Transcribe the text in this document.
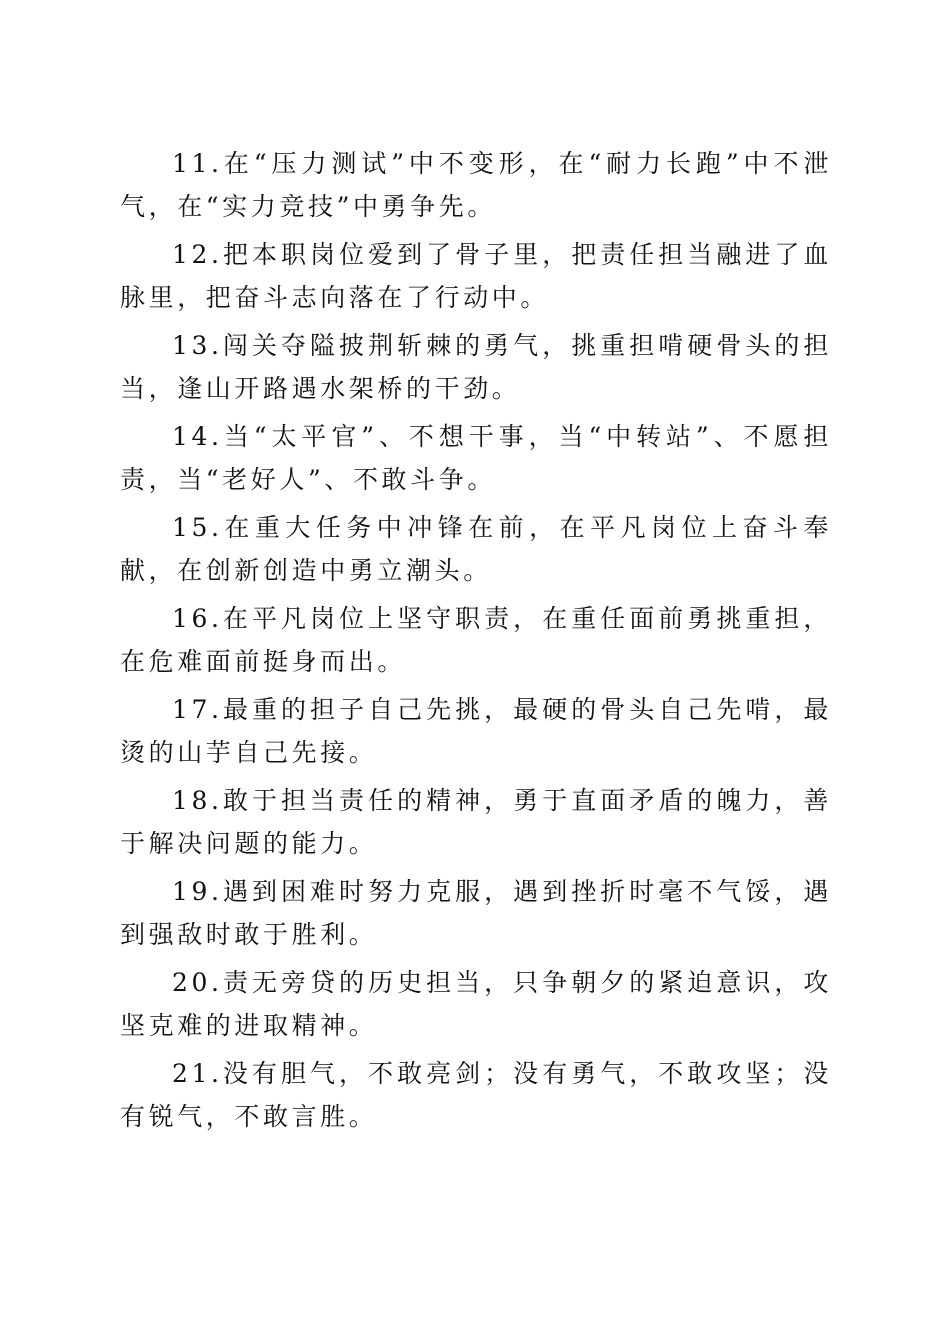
11.在“压力测试”中不变形，在“耐力长跑”中不泄气，在“实力竞技”中勇争先。

12.把本职岗位爱到了骨子里，把责任担当融进了血脉里，把奋斗志向落在了行动中。

13.闯关夺隘披荆斩棘的勇气，挑重担啃硬骨头的担当，逢山开路遇水架桥的干劲。

14.当“太平官”、不想干事，当“中转站”、不愿担责，当“老好人”、不敢斗争。

15.在重大任务中冲锋在前，在平凡岗位上奋斗奉献，在创新创造中勇立潮头。

16.在平凡岗位上坚守职责，在重任面前勇挑重担，在危难面前挺身而出。

17.最重的担子自己先挑，最硬的骨头自己先啃，最烫的山芋自己先接。

18.敢于担当责任的精神，勇于直面矛盾的魄力，善于解决问题的能力。

19.遇到困难时努力克服，遇到挫折时毫不气馁，遇到强敌时敢于胜利。

20.责无旁贷的历史担当，只争朝夕的紧迫意识，攻坚克难的进取精神。

21.没有胆气，不敢亮剑；没有勇气，不敢攻坚；没有锐气，不敢言胜。
